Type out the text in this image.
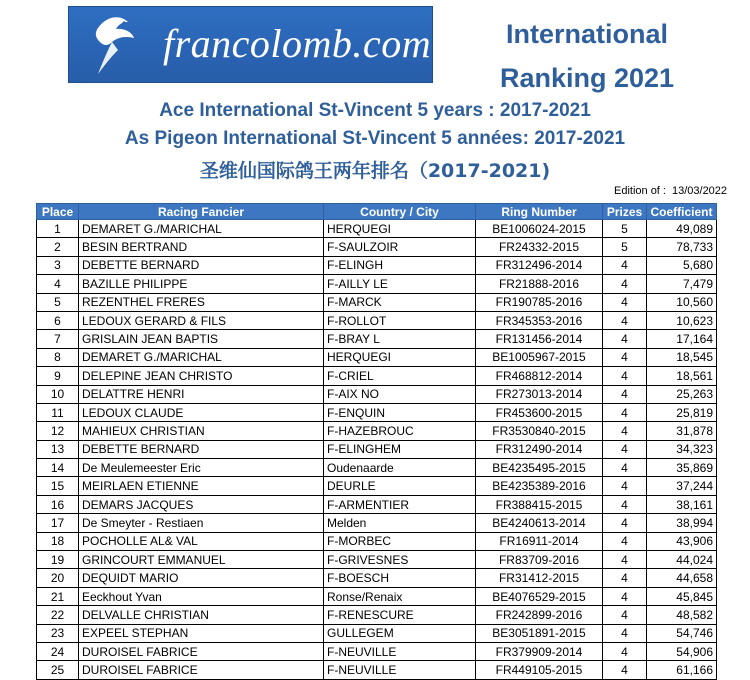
francolomb.com	International
Ranking 2021
Ace International St-Vincent 5 years : 2017-2021
As Pigeon International St-Vincent 5 années: 2017-2021
圣维仙国际鸽王两年排名（2017-2021)
Edition of : 13/03/2022
Place	Racing Fancier	Country / City	Ring Number	Prizes	Coefficient
1	DEMARET G./MARICHAL	HERQUEGI	BE1006024-2015	5	49,089
2	BESIN BERTRAND	F-SAULZOIR	FR24332-2015	5	78,733
3	DEBETTE BERNARD	F-ELINGH	FR312496-2014	4	5,680
4	BAZILLE PHILIPPE	F-AILLY LE	FR21888-2016	4	7,479
5	REZENTHEL FRERES	F-MARCK	FR190785-2016	4	10,560
6	LEDOUX GERARD & FILS	F-ROLLOT	FR345353-2016	4	10,623
7	GRISLAIN JEAN BAPTIS	F-BRAY L	FR131456-2014	4	17,164
8	DEMARET G./MARICHAL	HERQUEGI	BE1005967-2015	4	18,545
9	DELEPINE JEAN CHRISTO	F-CRIEL	FR468812-2014	4	18,561
10	DELATTRE HENRI	F-AIX NO	FR273013-2014	4	25,263
11	LEDOUX CLAUDE	F-ENQUIN	FR453600-2015	4	25,819
12	MAHIEUX CHRISTIAN	F-HAZEBROUC	FR3530840-2015	4	31,878
13	DEBETTE BERNARD	F-ELINGHEM	FR312490-2014	4	34,323
14	De Meulemeester Eric	Oudenaarde	BE4235495-2015	4	35,869
15	MEIRLAEN ETIENNE	DEURLE	BE4235389-2016	4	37,244
16	DEMARS JACQUES	F-ARMENTIER	FR388415-2015	4	38,161
17	De Smeyter - Restiaen	Melden	BE4240613-2014	4	38,994
18	POCHOLLE AL& VAL	F-MORBEC	FR16911-2014	4	43,906
19	GRINCOURT EMMANUEL	F-GRIVESNES	FR83709-2016	4	44,024
20	DEQUIDT MARIO	F-BOESCH	FR31412-2015	4	44,658
21	Eeckhout Yvan	Ronse/Renaix	BE4076529-2015	4	45,845
22	DELVALLE CHRISTIAN	F-RENESCURE	FR242899-2016	4	48,582
23	EXPEEL STEPHAN	GULLEGEM	BE3051891-2015	4	54,746
24	DUROISEL FABRICE	F-NEUVILLE	FR379909-2014	4	54,906
25	DUROISEL FABRICE	F-NEUVILLE	FR449105-2015	4	61,166
